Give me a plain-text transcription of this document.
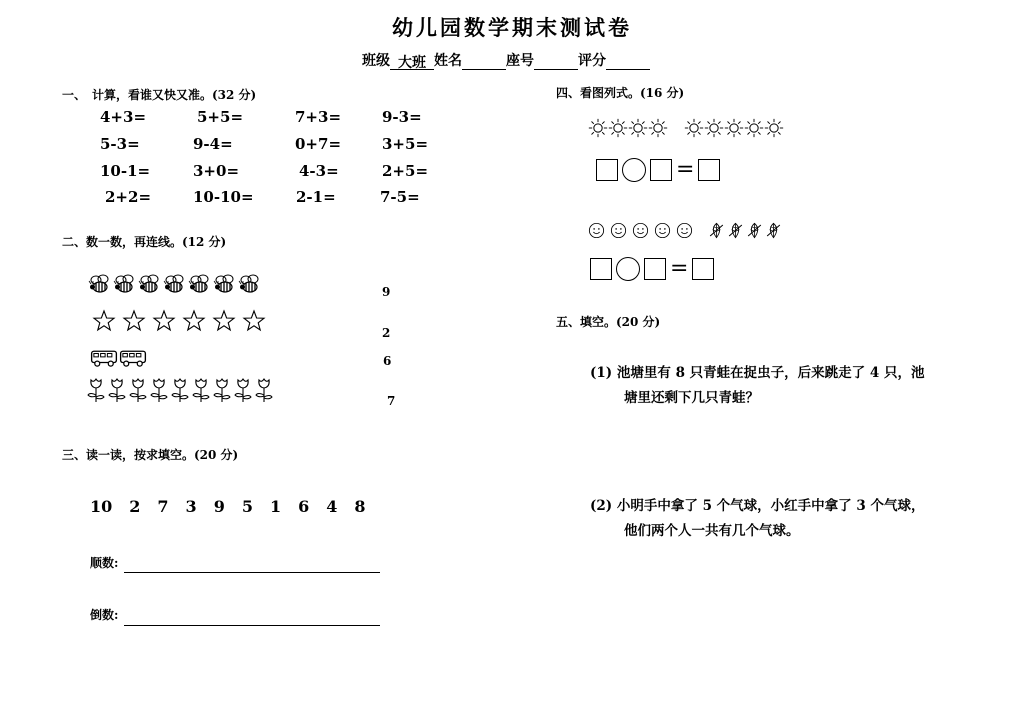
幼儿园数学期末测试卷
班级 大班 姓名	座号	评分
一、　计算，看谁又快又准。(32 分)
4+3=	5+5=	7+3=	9-3=
5-3=	9-4=	0+7=	3+5=
10-1=	3+0=	4-3=	2+5=
2+2=	10-10=	2-1=	7-5=
二、数一数，再连线。(12 分)
9
2
6
7
三、读一读，按求填空。(20 分)
10 2 7 3 9 5 1 6 4 8
顺数:
倒数:
四、看图列式。(16 分)
=
=
五、填空。(20 分)
(1) 池塘里有 8 只青蛙在捉虫子，后来跳走了 4 只，池
塘里还剩下几只青蛙？
(2) 小明手中拿了 5 个气球，小红手中拿了 3 个气球，
他们两个人一共有几个气球。
